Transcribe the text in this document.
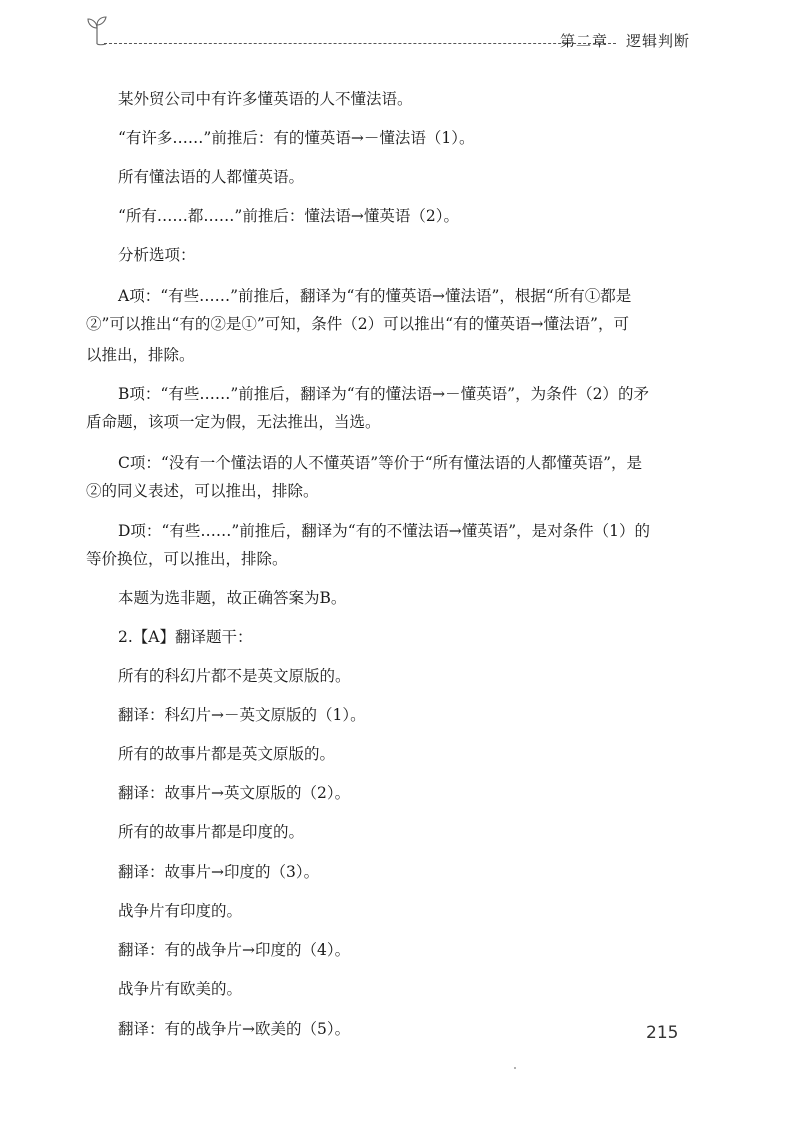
第二章 逻辑判断
某外贸公司中有许多懂英语的人不懂法语。
“有许多……”前推后：有的懂英语→－懂法语（1）。
所有懂法语的人都懂英语。
“所有……都……”前推后：懂法语→懂英语（2）。
分析选项：
A项：“有些……”前推后，翻译为“有的懂英语→懂法语”，根据“所有①都是
②”可以推出“有的②是①”可知，条件（2）可以推出“有的懂英语→懂法语”，可
以推出，排除。
B项：“有些……”前推后，翻译为“有的懂法语→－懂英语”，为条件（2）的矛
盾命题，该项一定为假，无法推出，当选。
C项：“没有一个懂法语的人不懂英语”等价于“所有懂法语的人都懂英语”，是
②的同义表述，可以推出，排除。
D项：“有些……”前推后，翻译为“有的不懂法语→懂英语”，是对条件（1）的
等价换位，可以推出，排除。
本题为选非题，故正确答案为B。
2.【A】翻译题干：
所有的科幻片都不是英文原版的。
翻译：科幻片→－英文原版的（1）。
所有的故事片都是英文原版的。
翻译：故事片→英文原版的（2）。
所有的故事片都是印度的。
翻译：故事片→印度的（3）。
战争片有印度的。
翻译：有的战争片→印度的（4）。
战争片有欧美的。
翻译：有的战争片→欧美的（5）。	215
